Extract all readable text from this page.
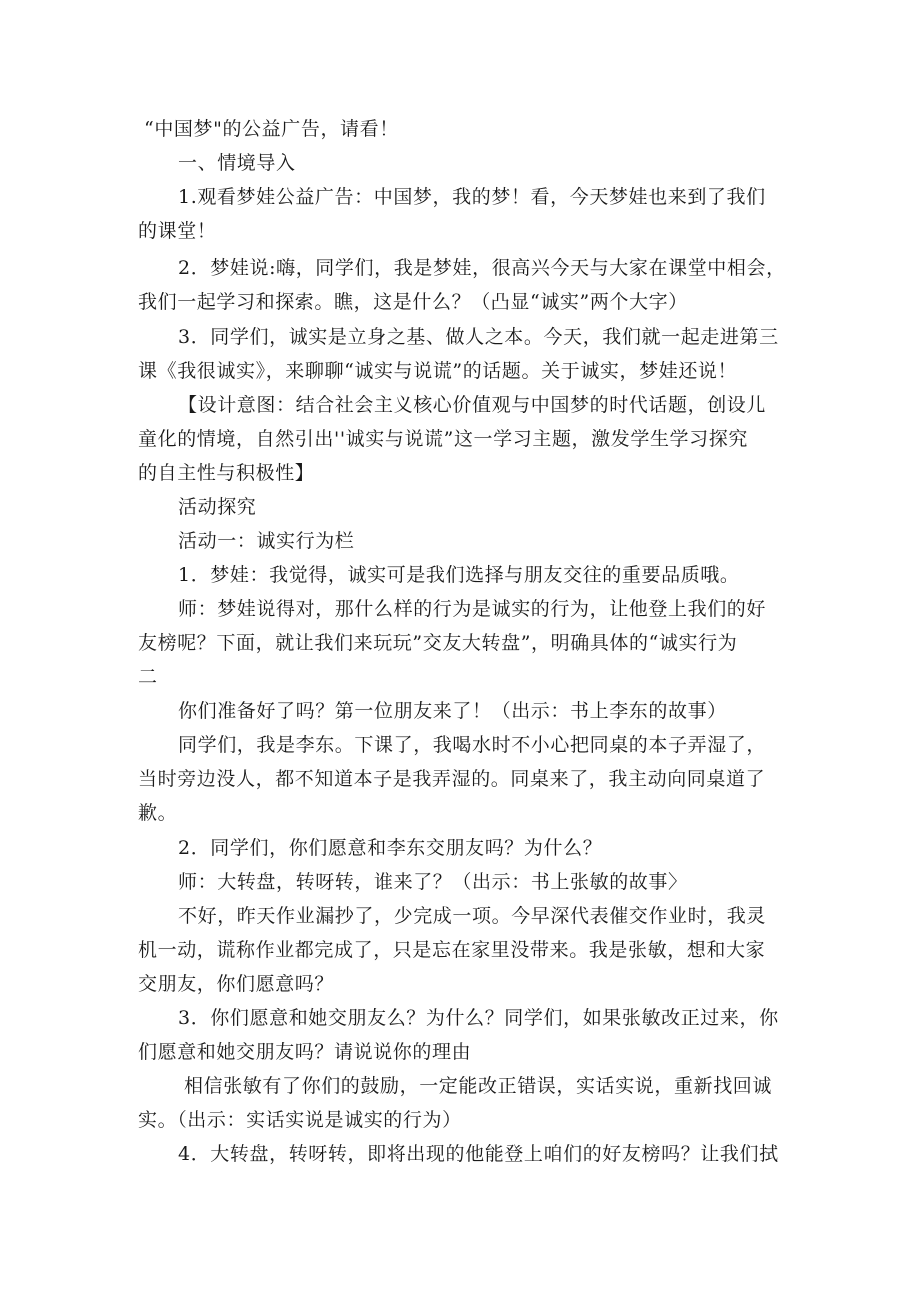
“中国梦"的公益广告，请看！
一、情境导入
1.观看梦娃公益广告：中国梦，我的梦！看，今天梦娃也来到了我们
的课堂！
2．梦娃说:嗨，同学们，我是梦娃，很高兴今天与大家在课堂中相会，
我们一起学习和探索。瞧，这是什么？（凸显“诚实”两个大字）
3．同学们，诚实是立身之基、做人之本。今天，我们就一起走进第三
课《我很诚实》，来聊聊“诚实与说谎”的话题。关于诚实，梦娃还说！
【设计意图：结合社会主义核心价值观与中国梦的时代话题，创设儿
童化的情境，自然引出''诚实与说谎”这一学习主题，激发学生学习探究
的自主性与积极性】
活动探究
活动一：诚实行为栏
1．梦娃：我觉得，诚实可是我们选择与朋友交往的重要品质哦。
师：梦娃说得对，那什么样的行为是诚实的行为，让他登上我们的好
友榜呢？下面，就让我们来玩玩”交友大转盘”，明确具体的“诚实行为
二
你们准备好了吗？第一位朋友来了！（出示：书上李东的故事）
同学们，我是李东。下课了，我喝水时不小心把同桌的本子弄湿了，
当时旁边没人，都不知道本子是我弄湿的。同桌来了，我主动向同桌道了
歉。
2．同学们，你们愿意和李东交朋友吗？为什么？
师：大转盘，转呀转，谁来了？（出示：书上张敏的故事〉
不好，昨天作业漏抄了，少完成一项。今早深代表催交作业时，我灵
机一动，谎称作业都完成了，只是忘在家里没带来。我是张敏，想和大家
交朋友，你们愿意吗？
3．你们愿意和她交朋友么？为什么？同学们，如果张敏改正过来，你
们愿意和她交朋友吗？请说说你的理由
相信张敏有了你们的鼓励，一定能改正错误，实话实说，重新找回诚
实。（出示：实话实说是诚实的行为）
4．大转盘，转呀转，即将出现的他能登上咱们的好友榜吗？让我们拭
